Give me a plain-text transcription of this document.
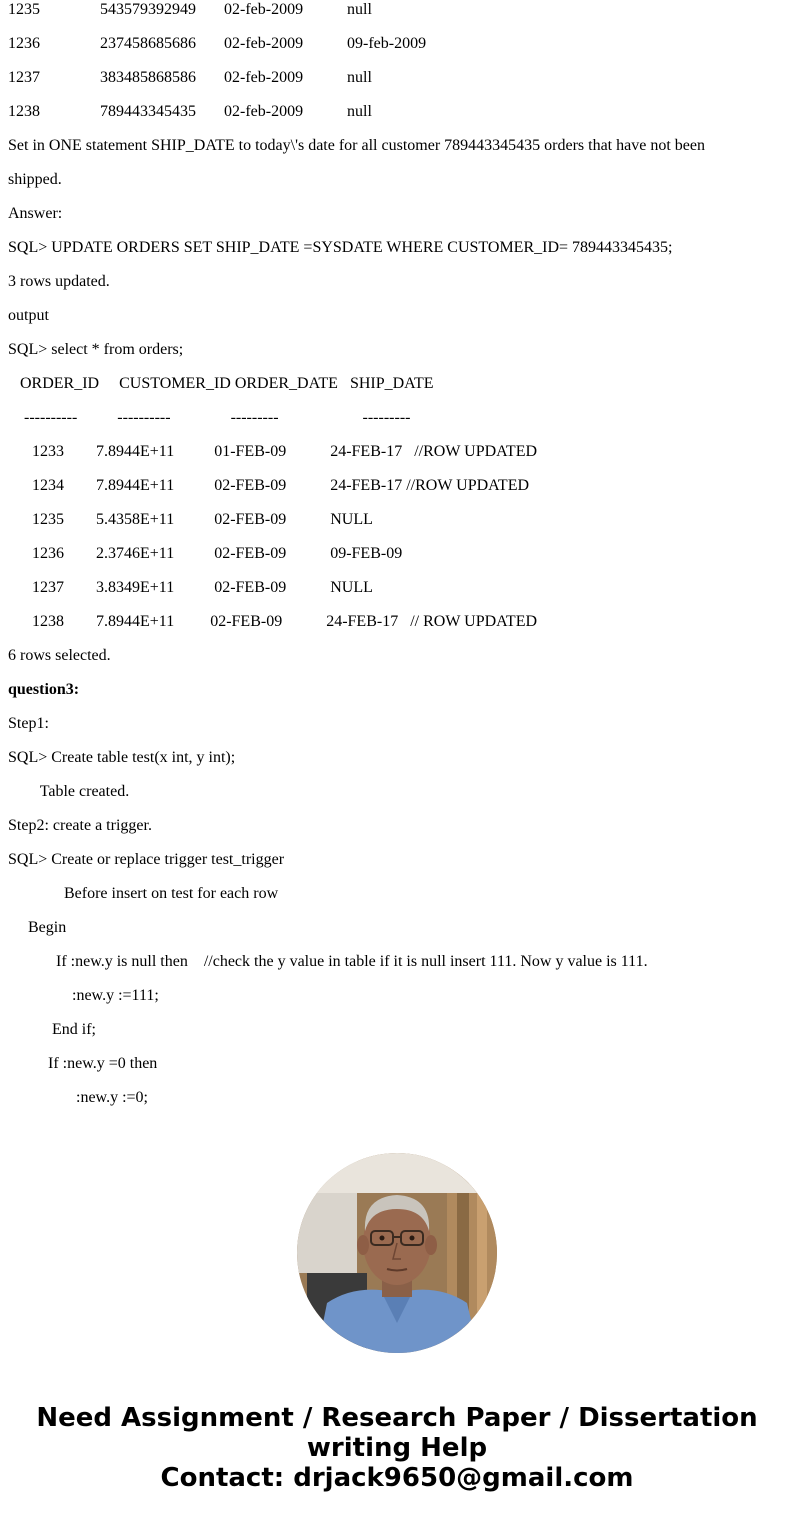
1235	543579392949 02-feb-2009	null
1236	237458685686 02-feb-2009	09-feb-2009
1237	383485868586 02-feb-2009	null
1238	789443345435 02-feb-2009	null
Set in ONE statement SHIP_DATE to today\'s date for all customer 789443345435 orders that have not been
shipped.
Answer:
SQL> UPDATE ORDERS SET SHIP_DATE =SYSDATE WHERE CUSTOMER_ID= 789443345435;
3 rows updated.
output
SQL> select * from orders;
ORDER_ID     CUSTOMER_ID ORDER_DATE   SHIP_DATE
----------          ----------               ---------                     ---------
1233        7.8944E+11          01-FEB-09           24-FEB-17   //ROW UPDATED
1234        7.8944E+11          02-FEB-09           24-FEB-17 //ROW UPDATED
1235        5.4358E+11          02-FEB-09           NULL
1236        2.3746E+11          02-FEB-09           09-FEB-09
1237        3.8349E+11          02-FEB-09           NULL
1238        7.8944E+11         02-FEB-09           24-FEB-17   // ROW UPDATED
6 rows selected.
question3:
Step1:
SQL> Create table test(x int, y int);
Table created.
Step2: create a trigger.
SQL> Create or replace trigger test_trigger
Before insert on test for each row
Begin
If :new.y is null then    //check the y value in table if it is null insert 111. Now y value is 111.
:new.y :=111;
End if;
If :new.y =0 then
:new.y :=0;
Need Assignment / Research Paper / Dissertation
writing Help
Contact: drjack9650@gmail.com
